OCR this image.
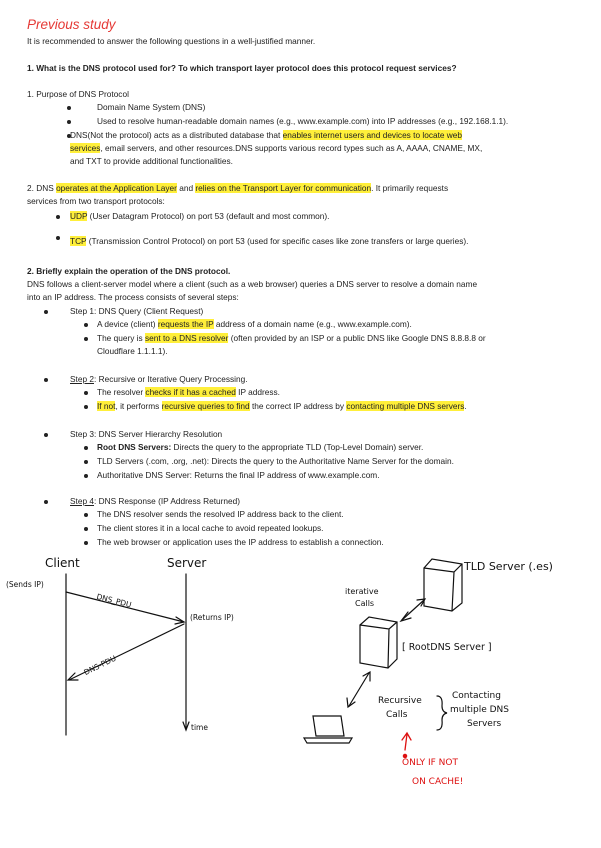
Previous study
It is recommended to answer the following questions in a well-justified manner.
1. What is the DNS protocol used for? To which transport layer protocol does this protocol request services?
1. Purpose of DNS Protocol
Domain Name System (DNS)
Used to resolve human-readable domain names (e.g., www.example.com) into IP addresses (e.g., 192.168.1.1).
DNS(Not the protocol) acts as a distributed database that enables internet users and devices to locate web
services, email servers, and other resources.DNS supports various record types such as A, AAAA, CNAME, MX,
and TXT to provide additional functionalities.
2. DNS operates at the Application Layer and relies on the Transport Layer for communication. It primarily requests
services from two transport protocols:
UDP (User Datagram Protocol) on port 53 (default and most common).
TCP (Transmission Control Protocol) on port 53 (used for specific cases like zone transfers or large queries).
2. Briefly explain the operation of the DNS protocol.
DNS follows a client-server model where a client (such as a web browser) queries a DNS server to resolve a domain name
into an IP address. The process consists of several steps:
Step 1: DNS Query (Client Request)
A device (client) requests the IP address of a domain name (e.g., www.example.com).
The query is sent to a DNS resolver (often provided by an ISP or a public DNS like Google DNS 8.8.8.8 or
Cloudflare 1.1.1.1).
Step 2: Recursive or Iterative Query Processing.
The resolver checks if it has a cached IP address.
If not, it performs recursive queries to find the correct IP address by contacting multiple DNS servers.
Step 3: DNS Server Hierarchy Resolution
Root DNS Servers: Directs the query to the appropriate TLD (Top-Level Domain) server.
TLD Servers (.com, .org, .net): Directs the query to the Authoritative Name Server for the domain.
Authoritative DNS Server: Returns the final IP address of www.example.com.
Step 4: DNS Response (IP Address Returned)
The DNS resolver sends the resolved IP address back to the client.
The client stores it in a local cache to avoid repeated lookups.
The web browser or application uses the IP address to establish a connection.
Client	Server
(Sends IP)
DNS_PDU
(Returns IP)
DNS-PDU
time
TLD Server (.es)
iterative
Calls
[ RootDNS Server ]
Recursive
Calls
Contacting
multiple DNS
Servers
ONLY IF NOT
ON CACHE!
